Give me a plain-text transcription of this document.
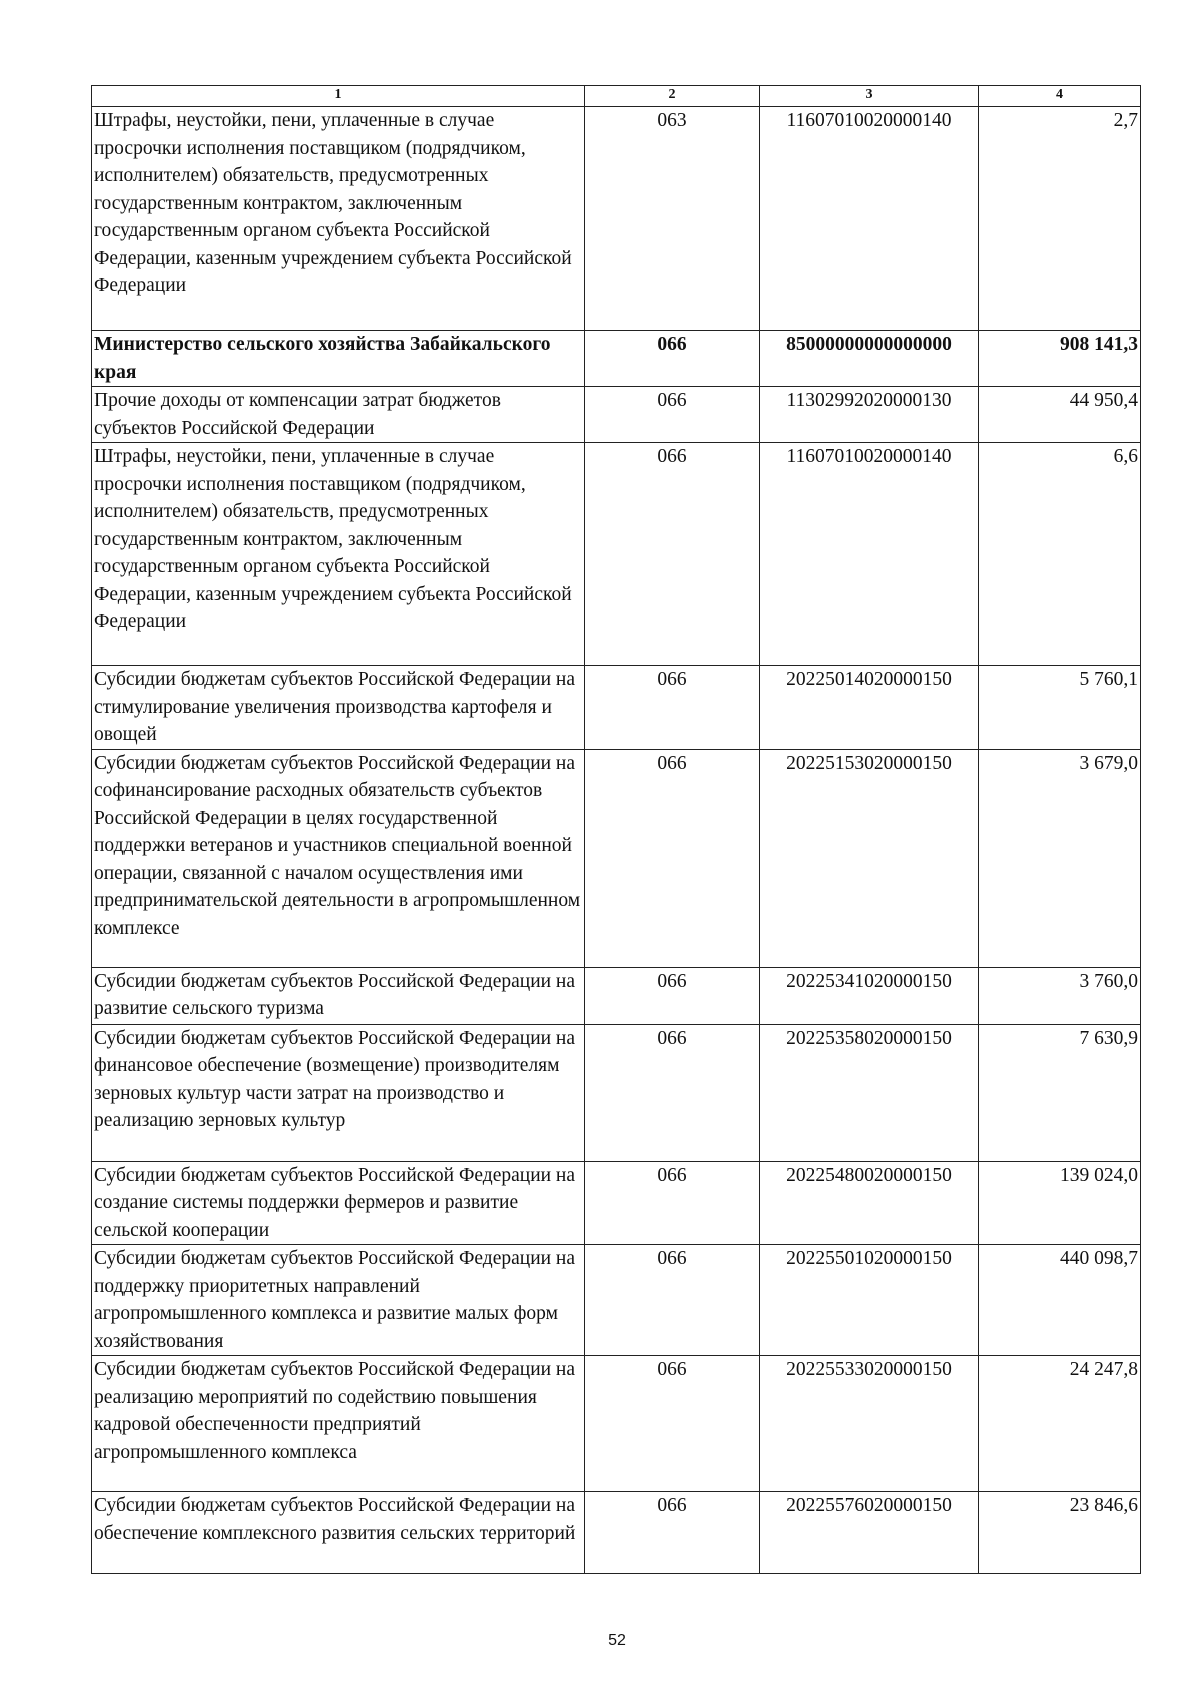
1	2	3	4
Штрафы, неустойки, пени, уплаченные в случае просрочки исполнения поставщиком (подрядчиком, исполнителем) обязательств, предусмотренных государственным контрактом, заключенным государственным органом субъекта Российской Федерации, казенным учреждением субъекта Российской Федерации	063	11607010020000140	2,7
Министерство сельского хозяйства Забайкальского края	066	85000000000000000	908 141,3
Прочие доходы от компенсации затрат бюджетов субъектов Российской Федерации	066	11302992020000130	44 950,4
Штрафы, неустойки, пени, уплаченные в случае просрочки исполнения поставщиком (подрядчиком, исполнителем) обязательств, предусмотренных государственным контрактом, заключенным государственным органом субъекта Российской Федерации, казенным учреждением субъекта Российской Федерации	066	11607010020000140	6,6
Субсидии бюджетам субъектов Российской Федерации на стимулирование увеличения производства картофеля и овощей	066	20225014020000150	5 760,1
Субсидии бюджетам субъектов Российской Федерации на софинансирование расходных обязательств субъектов Российской Федерации в целях государственной поддержки ветеранов и участников специальной военной операции, связанной с началом осуществления ими предпринимательской деятельности в агропромышленном комплексе	066	20225153020000150	3 679,0
Субсидии бюджетам субъектов Российской Федерации на развитие сельского туризма	066	20225341020000150	3 760,0
Субсидии бюджетам субъектов Российской Федерации на финансовое обеспечение (возмещение) производителям зерновых культур части затрат на производство и реализацию зерновых культур	066	20225358020000150	7 630,9
Субсидии бюджетам субъектов Российской Федерации на создание системы поддержки фермеров и развитие сельской кооперации	066	20225480020000150	139 024,0
Субсидии бюджетам субъектов Российской Федерации на поддержку приоритетных направлений агропромышленного комплекса и развитие малых форм хозяйствования	066	20225501020000150	440 098,7
Субсидии бюджетам субъектов Российской Федерации на реализацию мероприятий по содействию повышения кадровой обеспеченности предприятий агропромышленного комплекса	066	20225533020000150	24 247,8
Субсидии бюджетам субъектов Российской Федерации на обеспечение комплексного развития сельских территорий	066	20225576020000150	23 846,6
52
